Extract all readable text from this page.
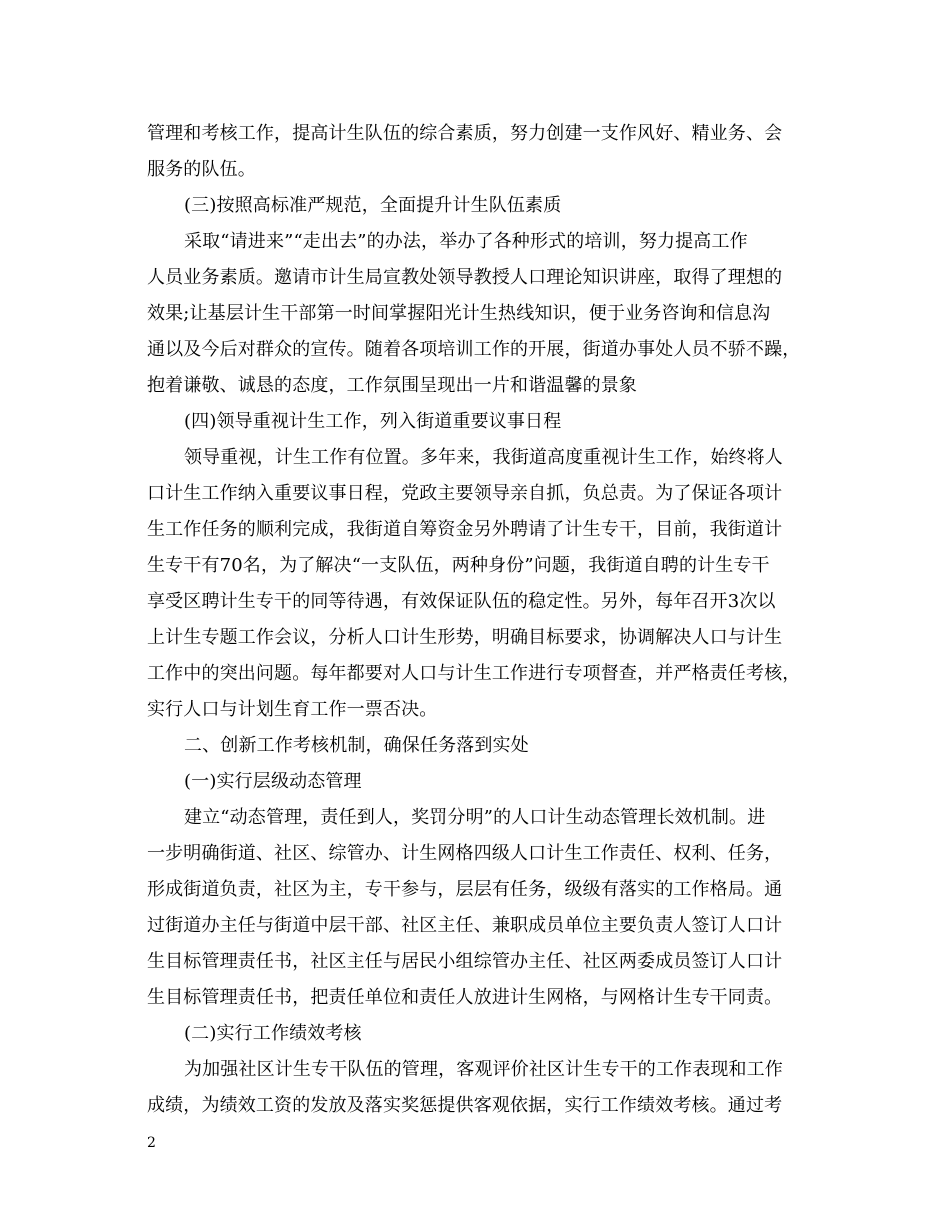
管理和考核工作，提高计生队伍的综合素质，努力创建一支作风好、精业务、会
服务的队伍。
(三)按照高标准严规范，全面提升计生队伍素质
采取“请进来”“走出去”的办法，举办了各种形式的培训，努力提高工作
人员业务素质。邀请市计生局宣教处领导教授人口理论知识讲座，取得了理想的
效果;让基层计生干部第一时间掌握阳光计生热线知识，便于业务咨询和信息沟
通以及今后对群众的宣传。随着各项培训工作的开展，街道办事处人员不骄不躁，
抱着谦敬、诚恳的态度，工作氛围呈现出一片和谐温馨的景象
(四)领导重视计生工作，列入街道重要议事日程
领导重视，计生工作有位置。多年来，我街道高度重视计生工作，始终将人
口计生工作纳入重要议事日程，党政主要领导亲自抓，负总责。为了保证各项计
生工作任务的顺利完成，我街道自筹资金另外聘请了计生专干，目前，我街道计
生专干有70名，为了解决“一支队伍，两种身份”问题，我街道自聘的计生专干
享受区聘计生专干的同等待遇，有效保证队伍的稳定性。另外，每年召开3次以
上计生专题工作会议，分析人口计生形势，明确目标要求，协调解决人口与计生
工作中的突出问题。每年都要对人口与计生工作进行专项督查，并严格责任考核，
实行人口与计划生育工作一票否决。
二、创新工作考核机制，确保任务落到实处
(一)实行层级动态管理
建立“动态管理，责任到人，奖罚分明”的人口计生动态管理长效机制。进
一步明确街道、社区、综管办、计生网格四级人口计生工作责任、权利、任务，
形成街道负责，社区为主，专干参与，层层有任务，级级有落实的工作格局。通
过街道办主任与街道中层干部、社区主任、兼职成员单位主要负责人签订人口计
生目标管理责任书，社区主任与居民小组综管办主任、社区两委成员签订人口计
生目标管理责任书，把责任单位和责任人放进计生网格，与网格计生专干同责。
(二)实行工作绩效考核
为加强社区计生专干队伍的管理，客观评价社区计生专干的工作表现和工作
成绩，为绩效工资的发放及落实奖惩提供客观依据，实行工作绩效考核。通过考
2
